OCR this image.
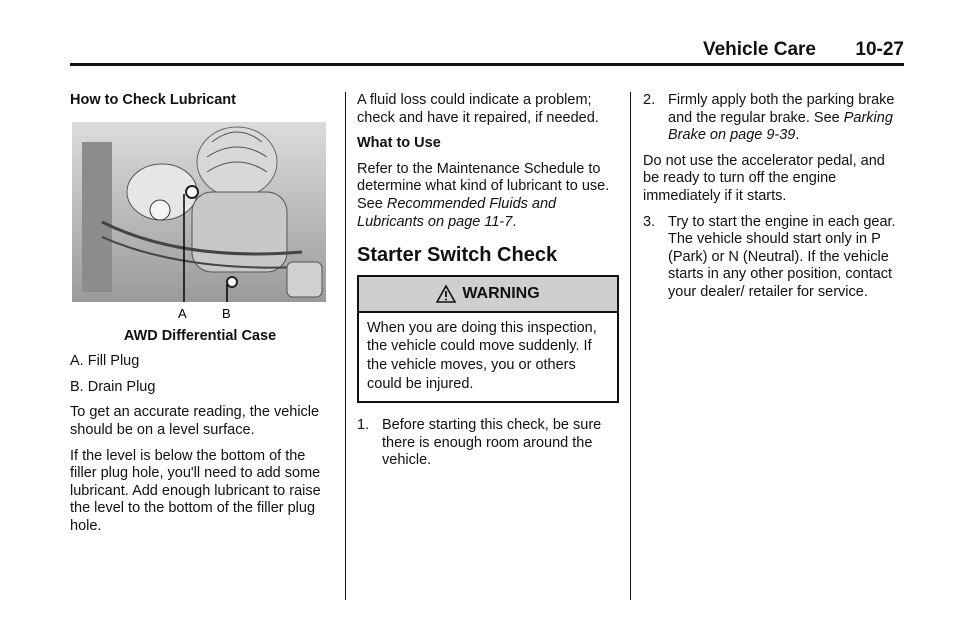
Vehicle Care 10-27

How to Check Lubricant

A	B

AWD Differential Case

A. Fill Plug

B. Drain Plug

To get an accurate reading, the vehicle should be on a level surface.

If the level is below the bottom of the filler plug hole, you'll need to add some lubricant. Add enough lubricant to raise the level to the bottom of the filler plug hole.

A fluid loss could indicate a problem; check and have it repaired, if needed.

What to Use

Refer to the Maintenance Schedule to determine what kind of lubricant to use. See Recommended Fluids and Lubricants on page 11-7.

Starter Switch Check
WARNING
When you are doing this inspection, the vehicle could move suddenly. If the vehicle moves, you or others could be injured.
1. Before starting this check, be sure there is enough room around the vehicle.
2. Firmly apply both the parking brake and the regular brake. See Parking Brake on page 9-39.

Do not use the accelerator pedal, and be ready to turn off the engine immediately if it starts.

3. Try to start the engine in each gear. The vehicle should start only in P (Park) or N (Neutral). If the vehicle starts in any other position, contact your dealer/ retailer for service.
